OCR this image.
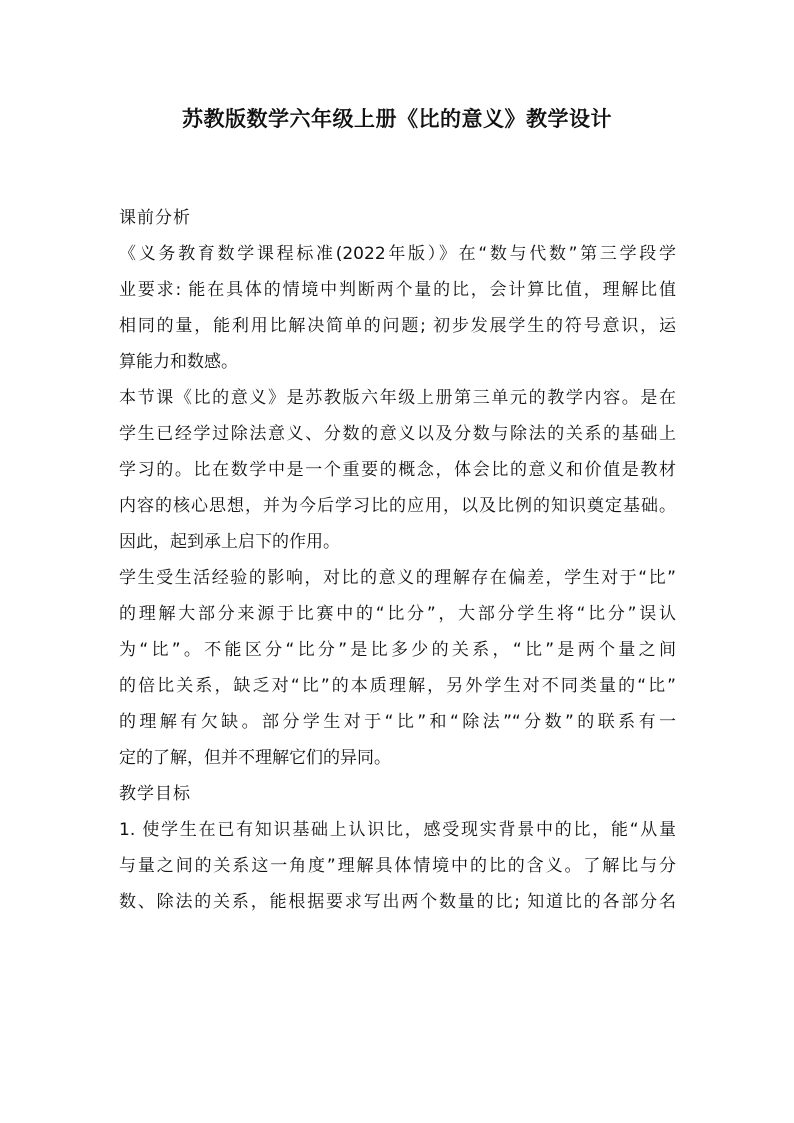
苏教版数学六年级上册《比的意义》教学设计
课前分析
《义务教育数学课程标准(2022年版）》在“数与代数”第三学段学
业要求: 能在具体的情境中判断两个量的比，会计算比值，理解比值
相同的量，能利用比解决简单的问题; 初步发展学生的符号意识，运
算能力和数感。
本节课《比的意义》是苏教版六年级上册第三单元的教学内容。是在
学生已经学过除法意义、分数的意义以及分数与除法的关系的基础上
学习的。比在数学中是一个重要的概念，体会比的意义和价值是教材
内容的核心思想，并为今后学习比的应用，以及比例的知识奠定基础。
因此，起到承上启下的作用。
学生受生活经验的影响，对比的意义的理解存在偏差，学生对于“比”
的理解大部分来源于比赛中的“比分”，大部分学生将“比分”误认
为“比”。不能区分“比分”是比多少的关系，“比”是两个量之间
的倍比关系，缺乏对“比”的本质理解，另外学生对不同类量的“比”
的理解有欠缺。部分学生对于“比”和“除法”“分数”的联系有一
定的了解，但并不理解它们的异同。
教学目标
1. 使学生在已有知识基础上认识比，感受现实背景中的比，能“从量
与量之间的关系这一角度”理解具体情境中的比的含义。了解比与分
数、除法的关系，能根据要求写出两个数量的比; 知道比的各部分名
